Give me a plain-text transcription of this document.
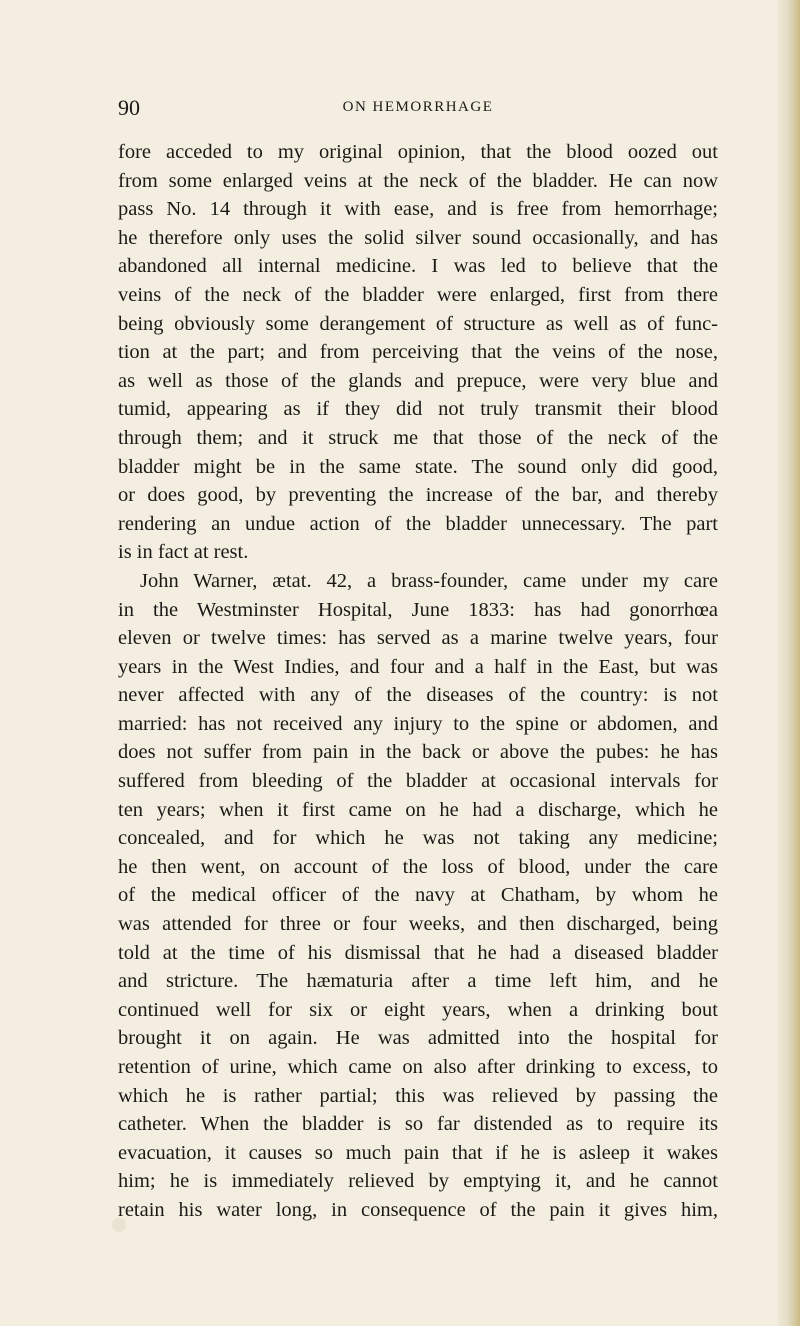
90	ON HEMORRHAGE
fore acceded to my original opinion, that the blood oozed out
from some enlarged veins at the neck of the bladder. He can now
pass No. 14 through it with ease, and is free from hemorrhage;
he therefore only uses the solid silver sound occasionally, and has
abandoned all internal medicine. I was led to believe that the
veins of the neck of the bladder were enlarged, first from there
being obviously some derangement of structure as well as of func-
tion at the part; and from perceiving that the veins of the nose,
as well as those of the glands and prepuce, were very blue and
tumid, appearing as if they did not truly transmit their blood
through them; and it struck me that those of the neck of the
bladder might be in the same state. The sound only did good,
or does good, by preventing the increase of the bar, and thereby
rendering an undue action of the bladder unnecessary. The part
is in fact at rest.
John Warner, ætat. 42, a brass-founder, came under my care
in the Westminster Hospital, June 1833: has had gonorrhœa
eleven or twelve times: has served as a marine twelve years, four
years in the West Indies, and four and a half in the East, but was
never affected with any of the diseases of the country: is not
married: has not received any injury to the spine or abdomen, and
does not suffer from pain in the back or above the pubes: he has
suffered from bleeding of the bladder at occasional intervals for
ten years; when it first came on he had a discharge, which he
concealed, and for which he was not taking any medicine;
he then went, on account of the loss of blood, under the care
of the medical officer of the navy at Chatham, by whom he
was attended for three or four weeks, and then discharged, being
told at the time of his dismissal that he had a diseased bladder
and stricture. The hæmaturia after a time left him, and he
continued well for six or eight years, when a drinking bout
brought it on again. He was admitted into the hospital for
retention of urine, which came on also after drinking to excess, to
which he is rather partial; this was relieved by passing the
catheter. When the bladder is so far distended as to require its
evacuation, it causes so much pain that if he is asleep it wakes
him; he is immediately relieved by emptying it, and he cannot
retain his water long, in consequence of the pain it gives him,
